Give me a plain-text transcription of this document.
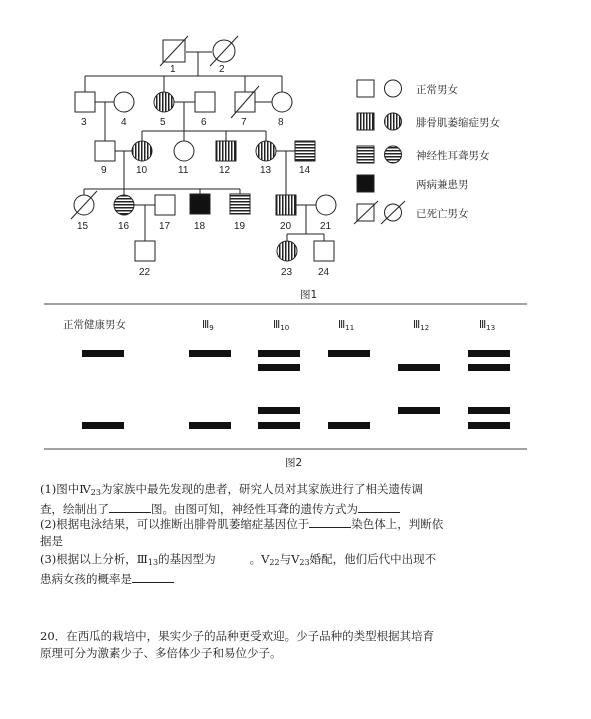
1	2
3	4	5	6	7	8
9	10	11	12	13	14
15	16	17 18	19	20	21
22	23	24
正常男女
腓骨肌萎缩症男女
神经性耳聋男女
两病兼患男
已死亡男女
图1
正常健康男女	Ⅲ9	Ⅲ10	Ⅲ11	Ⅲ12	Ⅲ13
图2
(1)图中$Ⅳ_{23}$为家族中最先发现的患者，研究人员对其家族进行了相关遗传调
查，绘制出了	图。由图可知，神经性耳聋的遗传方式为
(2)根据电泳结果，可以推断出腓骨肌萎缩症基因位于	染色体上，判断依
据是
(3)根据以上分析，$Ⅲ_{13}$的基因型为	。$V_{22}$与$V_{23}$婚配，他们后代中出现不
患病女孩的概率是
20．在西瓜的栽培中，果实少子的品种更受欢迎。少子品种的类型根据其培育
原理可分为激素少子、多倍体少子和易位少子。
